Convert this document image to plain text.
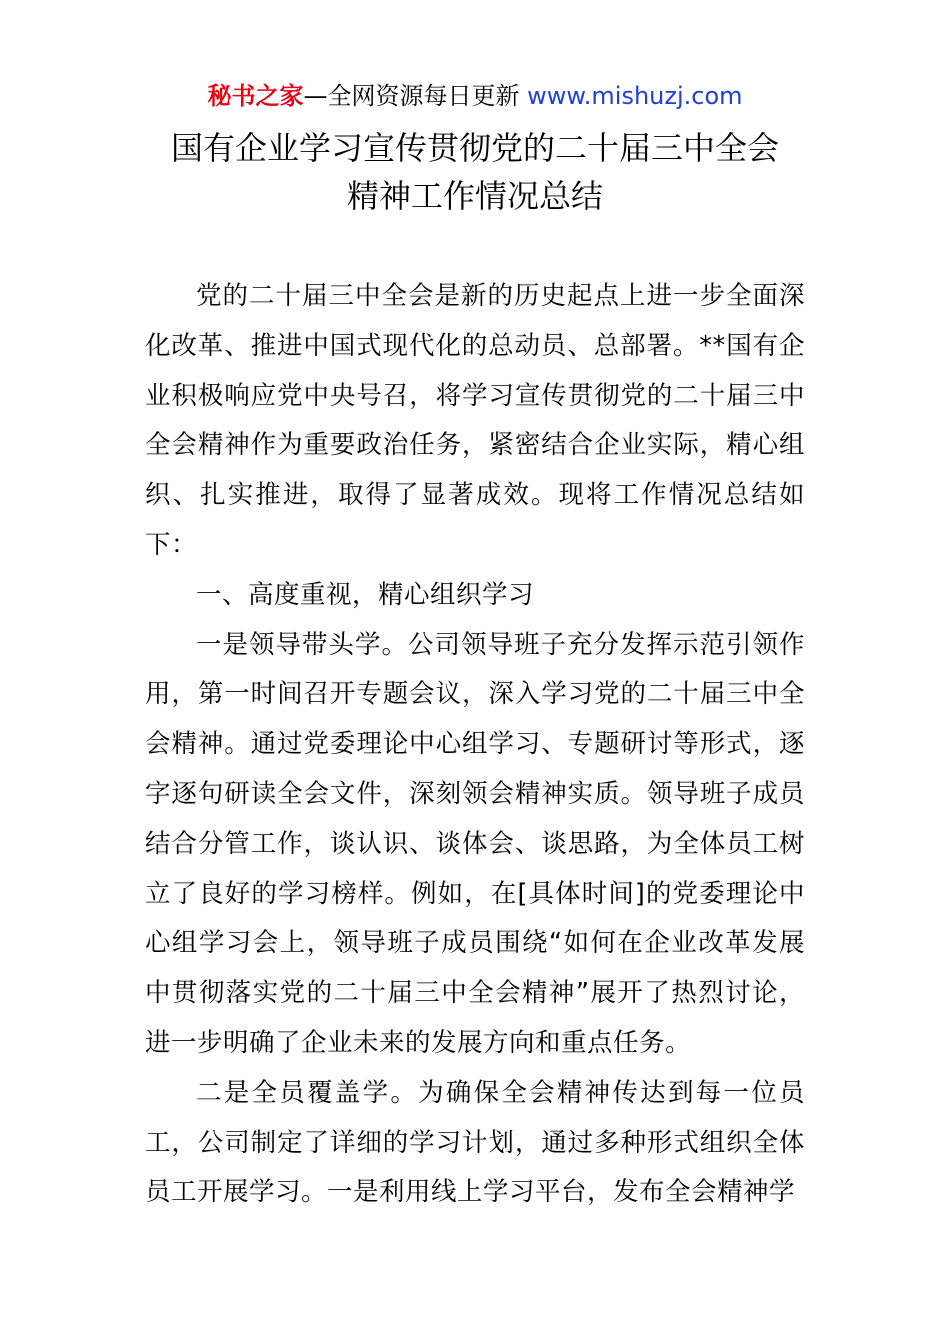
秘书之家—全网资源每日更新 www.mishuzj.com
国有企业学习宣传贯彻党的二十届三中全会
精神工作情况总结

党的二十届三中全会是新的历史起点上进一步全面深化改革、推进中国式现代化的总动员、总部署。**国有企业积极响应党中央号召，将学习宣传贯彻党的二十届三中全会精神作为重要政治任务，紧密结合企业实际，精心组织、扎实推进，取得了显著成效。现将工作情况总结如下：

一、高度重视，精心组织学习

一是领导带头学。公司领导班子充分发挥示范引领作用，第一时间召开专题会议，深入学习党的二十届三中全会精神。通过党委理论中心组学习、专题研讨等形式，逐字逐句研读全会文件，深刻领会精神实质。领导班子成员结合分管工作，谈认识、谈体会、谈思路，为全体员工树立了良好的学习榜样。例如，在[具体时间]的党委理论中心组学习会上，领导班子成员围绕“如何在企业改革发展中贯彻落实党的二十届三中全会精神”展开了热烈讨论，进一步明确了企业未来的发展方向和重点任务。

二是全员覆盖学。为确保全会精神传达到每一位员工，公司制定了详细的学习计划，通过多种形式组织全体员工开展学习。一是利用线上学习平台，发布全会精神学
